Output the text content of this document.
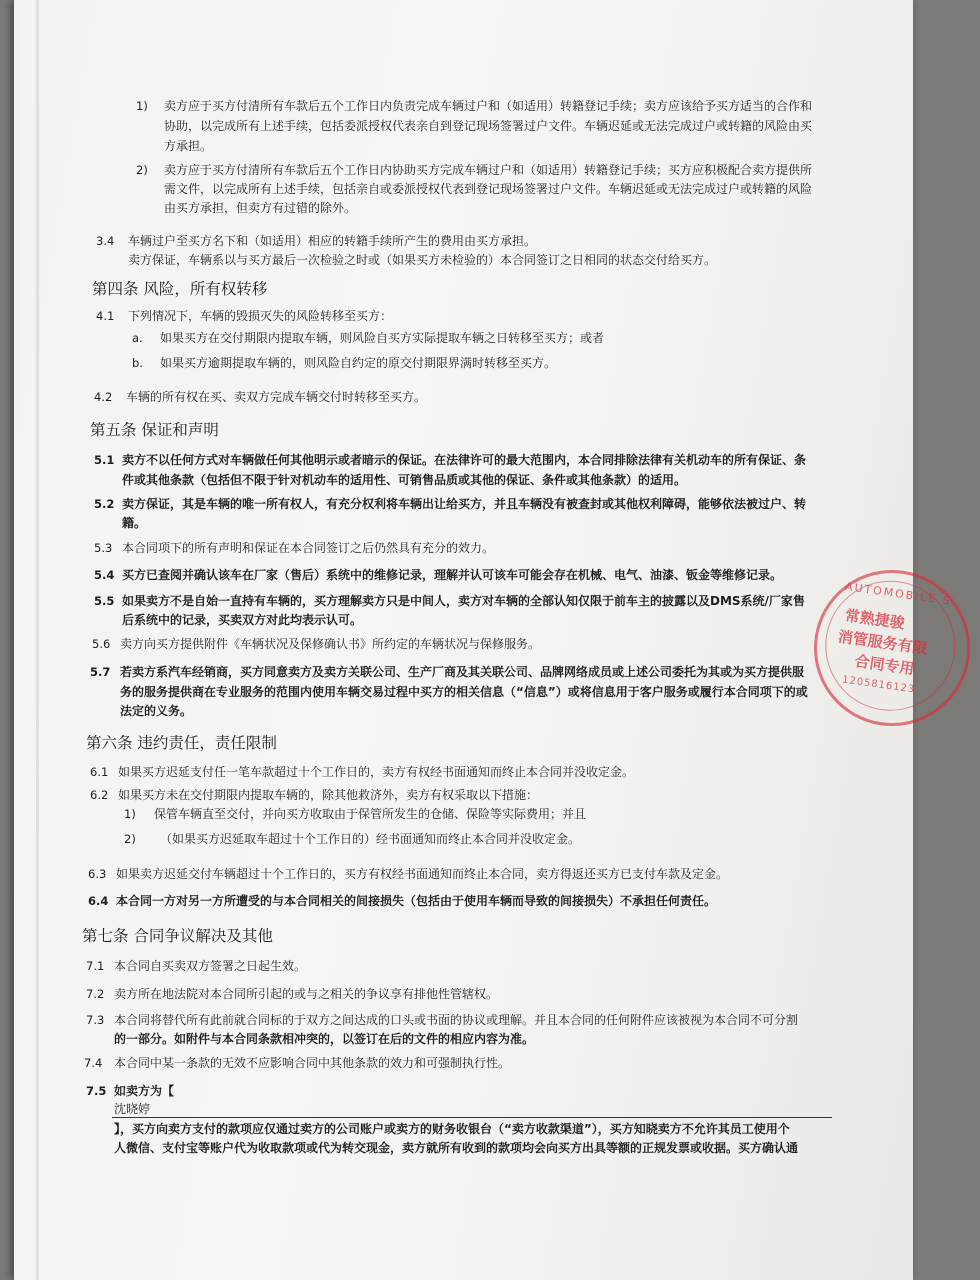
1) 卖方应于买方付清所有车款后五个工作日内负责完成车辆过户和（如适用）转籍登记手续；卖方应该给予买方适当的合作和
协助，以完成所有上述手续，包括委派授权代表亲自到登记现场签署过户文件。车辆迟延或无法完成过户或转籍的风险由买
方承担。
2) 卖方应于买方付清所有车款后五个工作日内协助买方完成车辆过户和（如适用）转籍登记手续；买方应积极配合卖方提供所
需文件，以完成所有上述手续，包括亲自或委派授权代表到登记现场签署过户文件。车辆迟延或无法完成过户或转籍的风险
由买方承担，但卖方有过错的除外。
3.4 车辆过户至买方名下和（如适用）相应的转籍手续所产生的费用由买方承担。
卖方保证，车辆系以与买方最后一次检验之时或（如果买方未检验的）本合同签订之日相同的状态交付给买方。
第四条 风险，所有权转移
4.1 下列情况下，车辆的毁损灭失的风险转移至买方：
a. 如果买方在交付期限内提取车辆，则风险自买方实际提取车辆之日转移至买方；或者
b. 如果买方逾期提取车辆的，则风险自约定的原交付期限界满时转移至买方。
4.2 车辆的所有权在买、卖双方完成车辆交付时转移至买方。
第五条 保证和声明
5.1 卖方不以任何方式对车辆做任何其他明示或者暗示的保证。在法律许可的最大范围内，本合同排除法律有关机动车的所有保证、条
件或其他条款（包括但不限于针对机动车的适用性、可销售品质或其他的保证、条件或其他条款）的适用。
5.2 卖方保证，其是车辆的唯一所有权人，有充分权利将车辆出让给买方，并且车辆没有被查封或其他权利障碍，能够依法被过户、转
籍。
5.3 本合同项下的所有声明和保证在本合同签订之后仍然具有充分的效力。
5.4 买方已查阅并确认该车在厂家（售后）系统中的维修记录，理解并认可该车可能会存在机械、电气、油漆、钣金等维修记录。
5.5 如果卖方不是自始一直持有车辆的，买方理解卖方只是中间人，卖方对车辆的全部认知仅限于前车主的披露以及DMS系统/厂家售
后系统中的记录，买卖双方对此均表示认可。
5.6 卖方向买方提供附件《车辆状况及保修确认书》所约定的车辆状况与保修服务。
5.7 若卖方系汽车经销商，买方同意卖方及卖方关联公司、生产厂商及其关联公司、品牌网络成员或上述公司委托为其或为买方提供服
务的服务提供商在专业服务的范围内使用车辆交易过程中买方的相关信息（“信息”）或将信息用于客户服务或履行本合同项下的或
法定的义务。
第六条 违约责任，责任限制
6.1 如果买方迟延支付任一笔车款超过十个工作日的，卖方有权经书面通知而终止本合同并没收定金。
6.2 如果买方未在交付期限内提取车辆的，除其他救济外，卖方有权采取以下措施：
1) 保管车辆直至交付，并向买方收取由于保管所发生的仓储、保险等实际费用；并且
2) （如果买方迟延取车超过十个工作日的）经书面通知而终止本合同并没收定金。
6.3 如果卖方迟延交付车辆超过十个工作日的，买方有权经书面通知而终止本合同，卖方得返还买方已支付车款及定金。
6.4 本合同一方对另一方所遭受的与本合同相关的间接损失（包括由于使用车辆而导致的间接损失）不承担任何责任。
第七条 合同争议解决及其他
7.1 本合同自买卖双方签署之日起生效。
7.2 卖方所在地法院对本合同所引起的或与之相关的争议享有排他性管辖权。
7.3 本合同将替代所有此前就合同标的于双方之间达成的口头或书面的协议或理解。并且本合同的任何附件应该被视为本合同不可分割
的一部分。如附件与本合同条款相冲突的，以签订在后的文件的相应内容为准。
7.4 本合同中某一条款的无效不应影响合同中其他条款的效力和可强制执行性。
7.5 如卖方为【
沈晓婷
】，买方向卖方支付的款项应仅通过卖方的公司账户或卖方的财务收银台（“卖方收款渠道”），买方知晓卖方不允许其员工使用个
人微信、支付宝等账户代为收取款项或代为转交现金，卖方就所有收到的款项均会向买方出具等额的正规发票或收据。买方确认通
AUTOMOBILE S
常熟捷骏
消管服务有限
合同专用
1205816123
